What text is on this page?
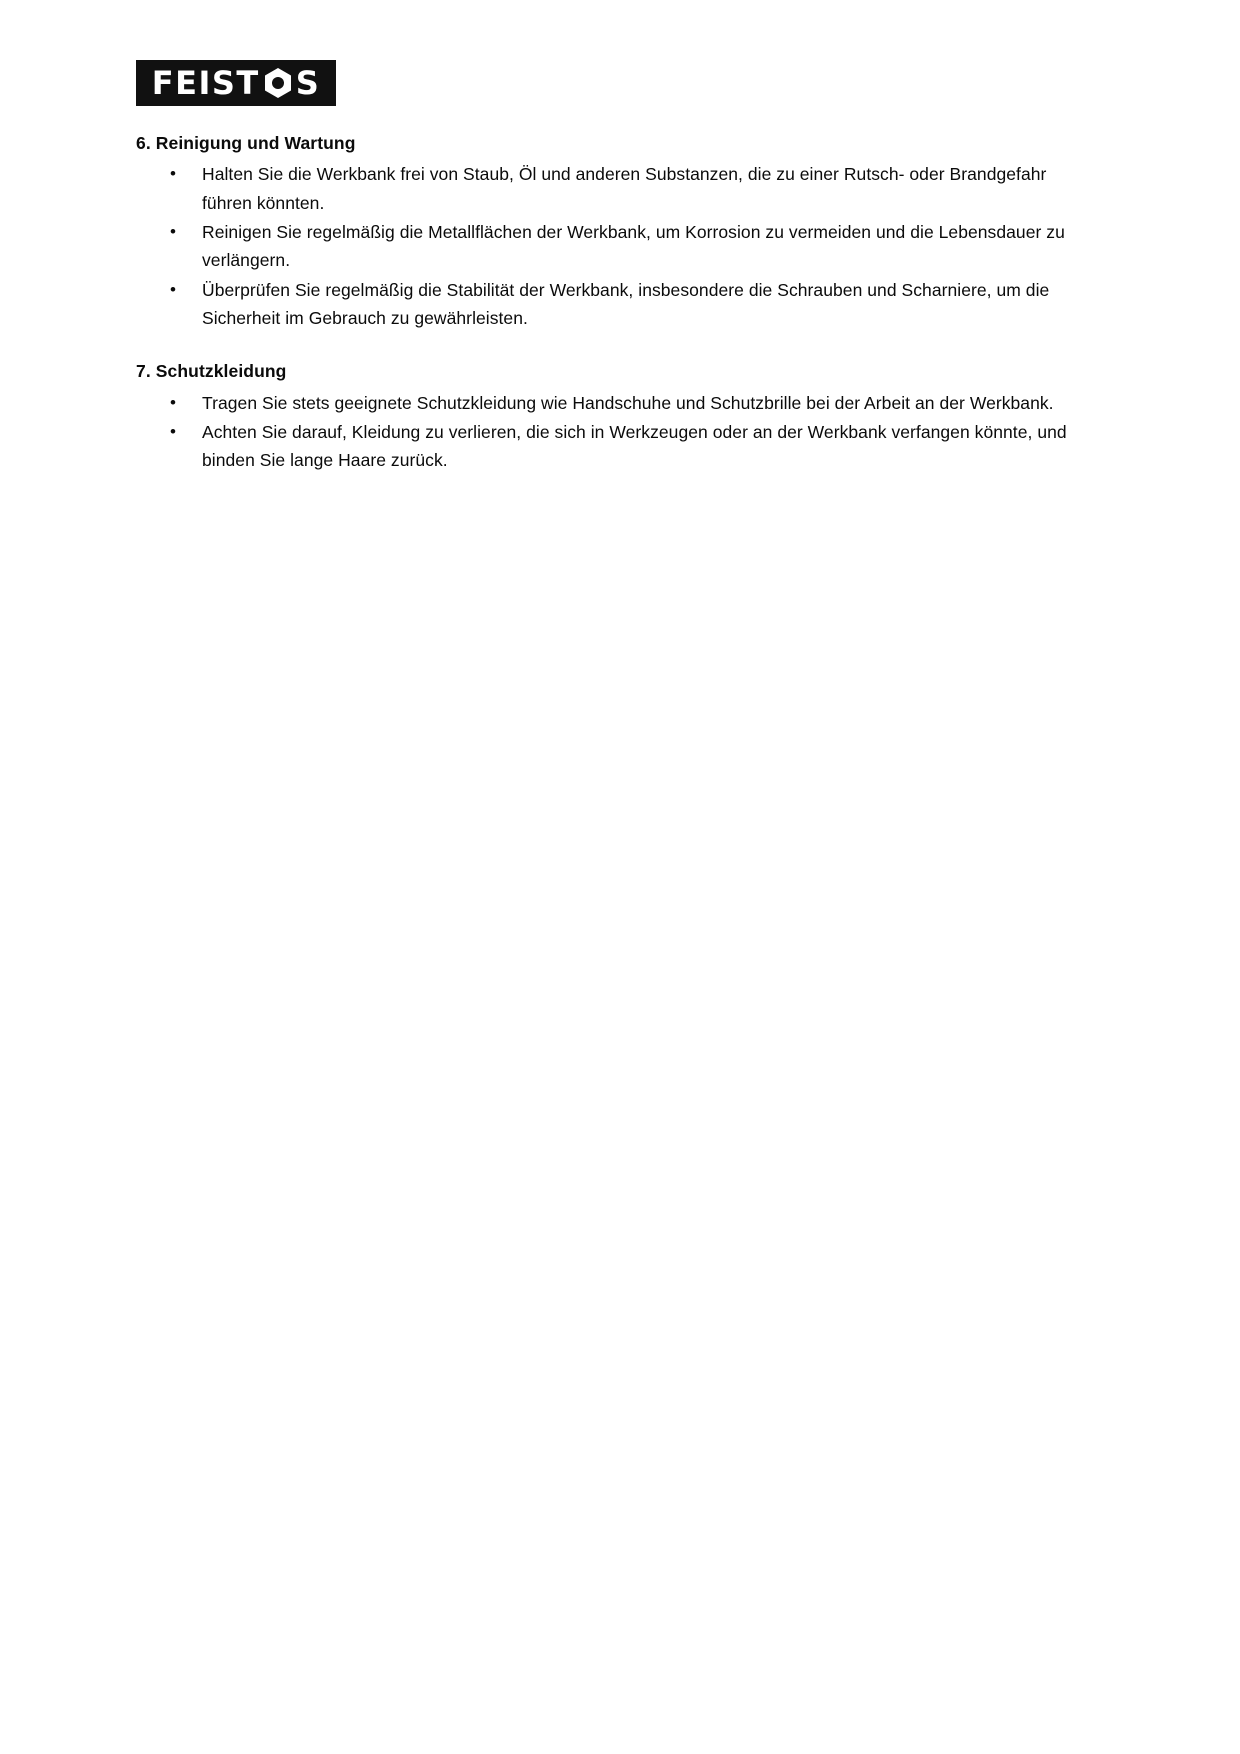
FEIST S
6. Reinigung und Wartung
• Halten Sie die Werkbank frei von Staub, Öl und anderen Substanzen, die zu einer Rutsch- oder Brandgefahr führen könnten.
• Reinigen Sie regelmäßig die Metallflächen der Werkbank, um Korrosion zu vermeiden und die Lebensdauer zu verlängern.
• Überprüfen Sie regelmäßig die Stabilität der Werkbank, insbesondere die Schrauben und Scharniere, um die Sicherheit im Gebrauch zu gewährleisten.
7. Schutzkleidung
• Tragen Sie stets geeignete Schutzkleidung wie Handschuhe und Schutzbrille bei der Arbeit an der Werkbank.
• Achten Sie darauf, Kleidung zu verlieren, die sich in Werkzeugen oder an der Werkbank verfangen könnte, und binden Sie lange Haare zurück.
